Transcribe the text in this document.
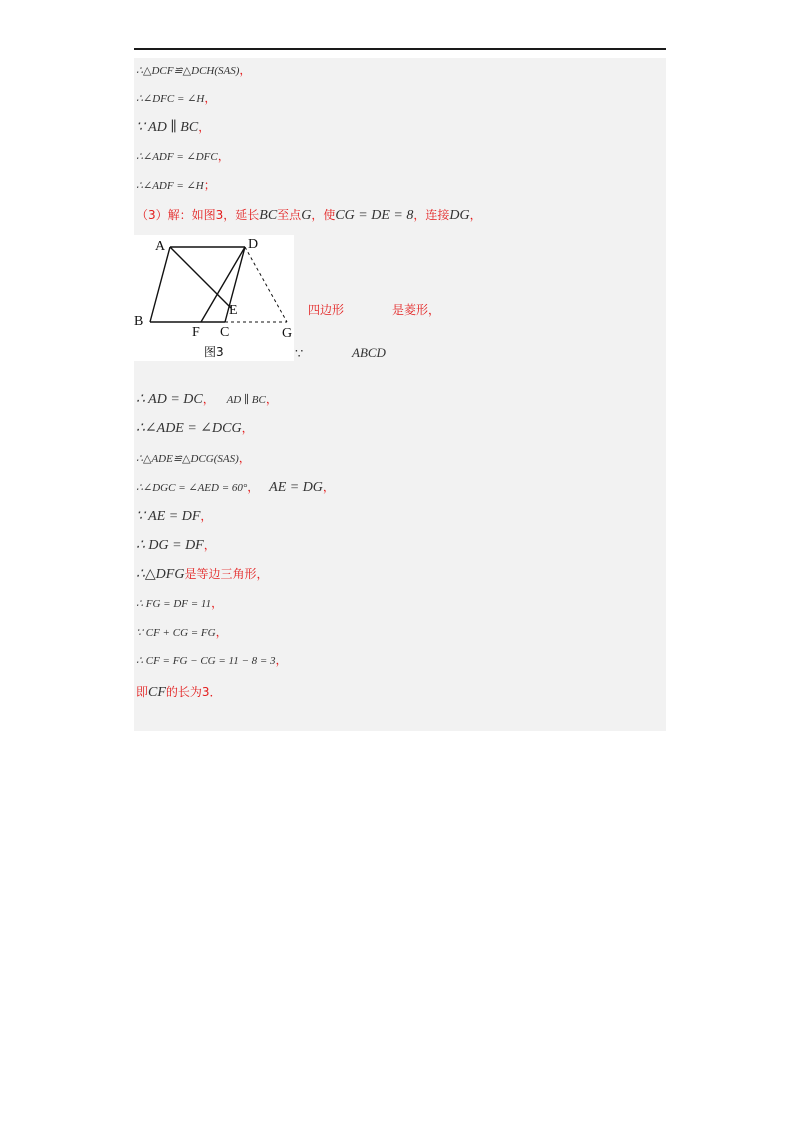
∴△DCF≌△DCH(SAS)，
∴∠DFC = ∠H，
∵ AD ∥ BC，
∴∠ADF = ∠DFC，
∴∠ADF = ∠H；
（3）解：如图3，延长BC至点G，使CG = DE = 8，连接DG，
A	D
B
F C
E
G
图3
四边形	是菱形，
∵	ABCD
∴ AD = DC， AD ∥ BC，
∴∠ADE = ∠DCG，
∴△ADE≌△DCG(SAS)，
∴∠DGC = ∠AED = 60°， AE = DG，
∵ AE = DF，
∴ DG = DF，
∴△DFG是等边三角形，
∴ FG = DF = 11，
∵ CF + CG = FG，
∴ CF = FG − CG = 11 − 8 = 3，
即CF的长为3．
